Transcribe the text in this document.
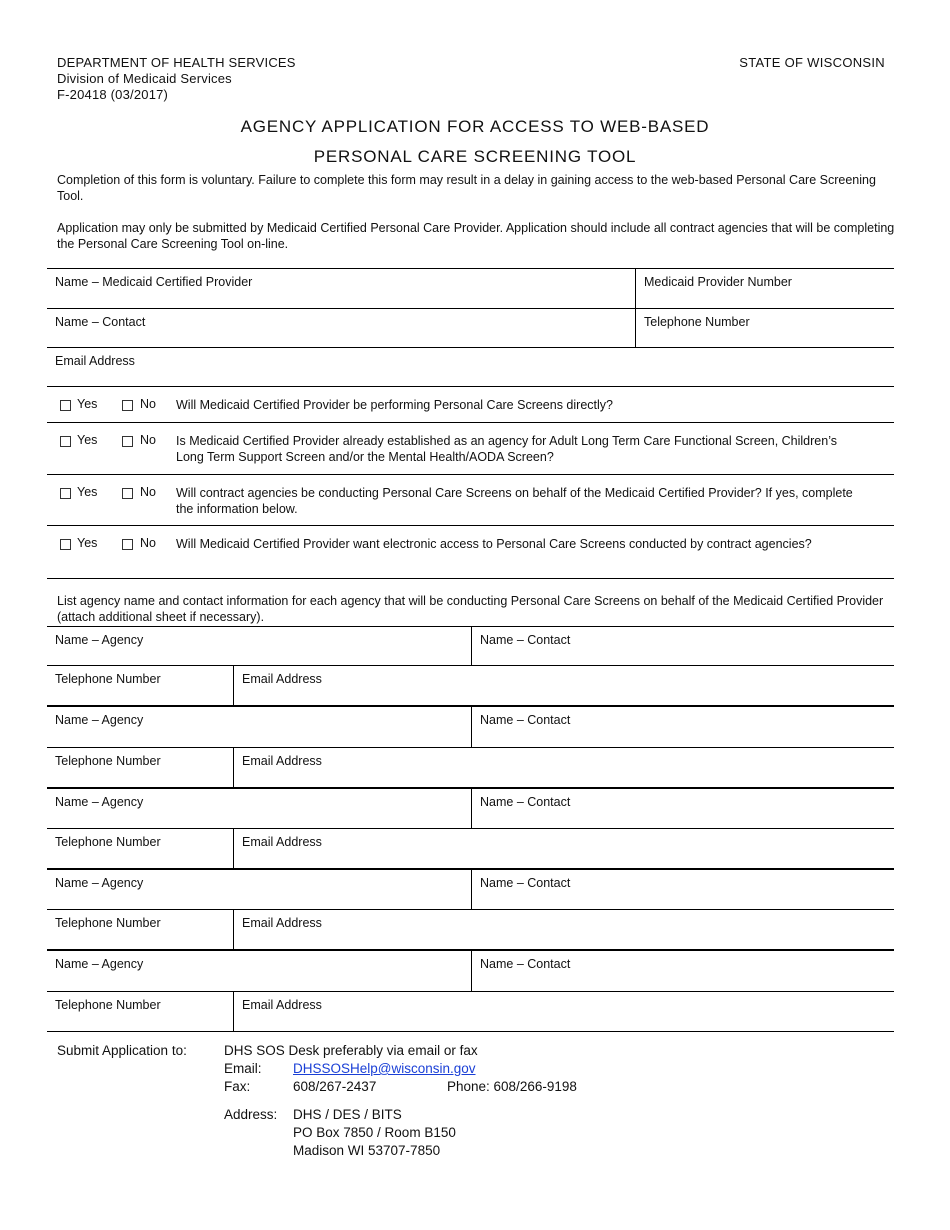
DEPARTMENT OF HEALTH SERVICES
Division of Medicaid Services
F-20418 (03/2017)
STATE OF WISCONSIN
AGENCY APPLICATION FOR ACCESS TO WEB-BASED
PERSONAL CARE SCREENING TOOL
Completion of this form is voluntary. Failure to complete this form may result in a delay in gaining access to the web-based Personal Care Screening Tool.
Application may only be submitted by Medicaid Certified Personal Care Provider. Application should include all contract agencies that will be completing the Personal Care Screening Tool on-line.
Name – Medicaid Certified Provider	Medicaid Provider Number
Name – Contact	Telephone Number
Email Address
Yes	No Will Medicaid Certified Provider be performing Personal Care Screens directly?
Yes	No Is Medicaid Certified Provider already established as an agency for Adult Long Term Care Functional Screen, Children’s Long Term Support Screen and/or the Mental Health/AODA Screen?
Yes	No Will contract agencies be conducting Personal Care Screens on behalf of the Medicaid Certified Provider? If yes, complete the information below.
Yes	No Will Medicaid Certified Provider want electronic access to Personal Care Screens conducted by contract agencies?
List agency name and contact information for each agency that will be conducting Personal Care Screens on behalf of the Medicaid Certified Provider (attach additional sheet if necessary).
Name – Agency	Name – Contact
Telephone Number	Email Address
Name – Agency	Name – Contact
Telephone Number	Email Address
Name – Agency	Name – Contact
Telephone Number	Email Address
Name – Agency	Name – Contact
Telephone Number	Email Address
Name – Agency	Name – Contact
Telephone Number	Email Address
Submit Application to:	DHS SOS Desk preferably via email or fax
Email: DHSSOSHelp@wisconsin.gov
Fax:	608/267-2437	Phone: 608/266-9198
Address: DHS / DES / BITS
PO Box 7850 / Room B150
Madison WI 53707-7850
